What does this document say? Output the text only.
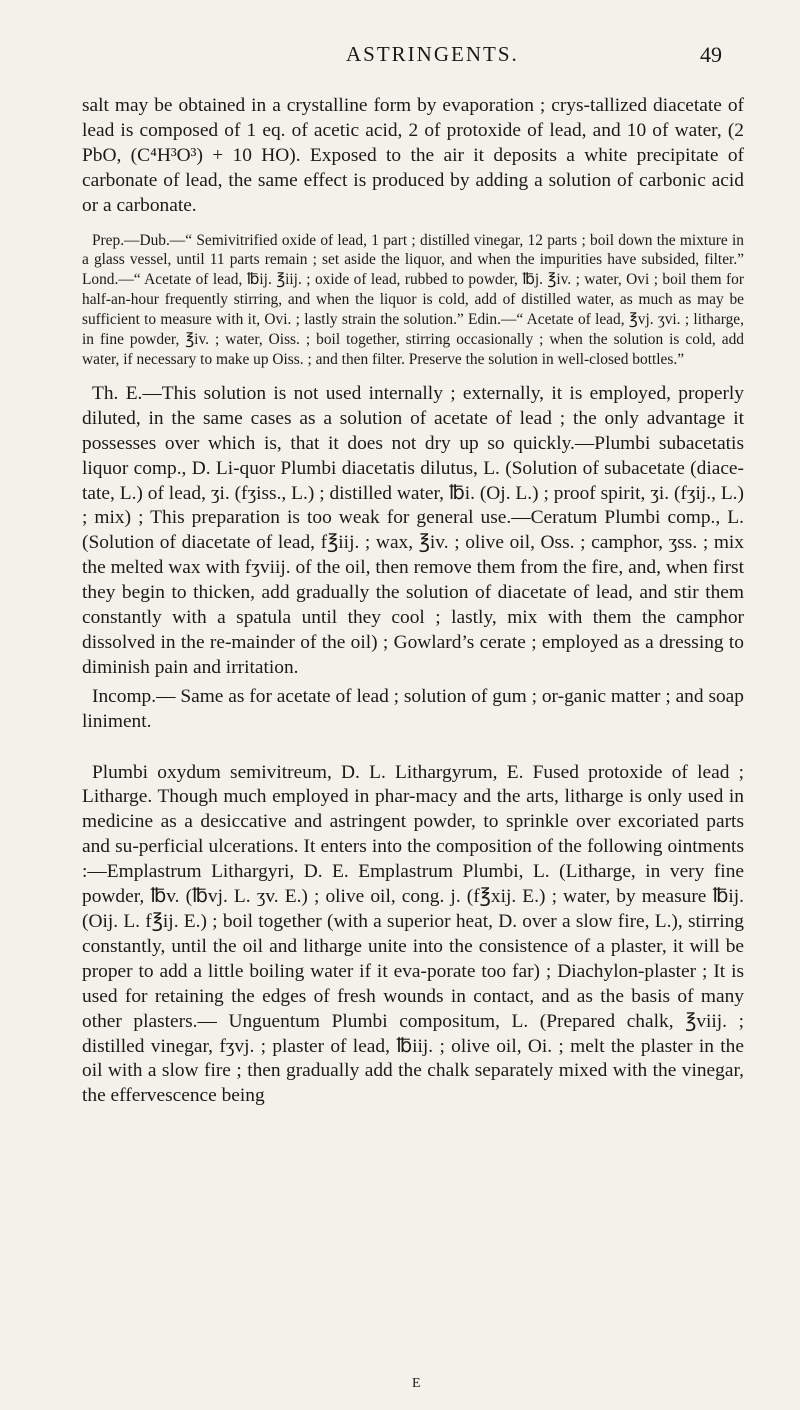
ASTRINGENTS.	49

salt may be obtained in a crystalline form by evaporation ; crys-tallized diacetate of lead is composed of 1 eq. of acetic acid, 2 of protoxide of lead, and 10 of water, (2 PbO, (C⁴H³O³) + 10 HO). Exposed to the air it deposits a white precipitate of carbonate of lead, the same effect is produced by adding a solution of carbonic acid or a carbonate.

Prep.—Dub.—“ Semivitrified oxide of lead, 1 part ; distilled vinegar, 12 parts ; boil down the mixture in a glass vessel, until 11 parts remain ; set aside the liquor, and when the impurities have subsided, filter.” Lond.—“ Acetate of lead, ℔ij. ℥iij. ; oxide of lead, rubbed to powder, ℔j. ℥iv. ; water, Ovi ; boil them for half-an-hour frequently stirring, and when the liquor is cold, add of distilled water, as much as may be sufficient to measure with it, Ovi. ; lastly strain the solution.” Edin.—“ Acetate of lead, ℥vj. ʒvi. ; litharge, in fine powder, ℥iv. ; water, Oiss. ; boil together, stirring occasionally ; when the solution is cold, add water, if necessary to make up Oiss. ; and then filter. Preserve the solution in well-closed bottles.”

Th. E.—This solution is not used internally ; externally, it is employed, properly diluted, in the same cases as a solution of acetate of lead ; the only advantage it possesses over which is, that it does not dry up so quickly.—Plumbi subacetatis liquor comp., D. Li-quor Plumbi diacetatis dilutus, L. (Solution of subacetate (diace-tate, L.) of lead, ʒi. (fʒiss., L.) ; distilled water, ℔i. (Oj. L.) ; proof spirit, ʒi. (fʒij., L.) ; mix) ; This preparation is too weak for general use.—Ceratum Plumbi comp., L. (Solution of diacetate of lead, f℥iij. ; wax, ℥iv. ; olive oil, Oss. ; camphor, ʒss. ; mix the melted wax with fʒviij. of the oil, then remove them from the fire, and, when first they begin to thicken, add gradually the solution of diacetate of lead, and stir them constantly with a spatula until they cool ; lastly, mix with them the camphor dissolved in the re-mainder of the oil) ; Gowlard’s cerate ; employed as a dressing to diminish pain and irritation.

Incomp.— Same as for acetate of lead ; solution of gum ; or-ganic matter ; and soap liniment.

Plumbi oxydum semivitreum, D. L. Lithargyrum, E. Fused protoxide of lead ; Litharge. Though much employed in phar-macy and the arts, litharge is only used in medicine as a desiccative and astringent powder, to sprinkle over excoriated parts and su-perficial ulcerations. It enters into the composition of the following ointments :—Emplastrum Lithargyri, D. E. Emplastrum Plumbi, L. (Litharge, in very fine powder, ℔v. (℔vj. L. ʒv. E.) ; olive oil, cong. j. (f℥xij. E.) ; water, by measure ℔ij. (Oij. L. f℥ij. E.) ; boil together (with a superior heat, D. over a slow fire, L.), stirring constantly, until the oil and litharge unite into the consistence of a plaster, it will be proper to add a little boiling water if it eva-porate too far) ; Diachylon-plaster ; It is used for retaining the edges of fresh wounds in contact, and as the basis of many other plasters.— Unguentum Plumbi compositum, L. (Prepared chalk, ℥viij. ; distilled vinegar, fʒvj. ; plaster of lead, ℔iij. ; olive oil, Oi. ; melt the plaster in the oil with a slow fire ; then gradually add the chalk separately mixed with the vinegar, the effervescence being

E
